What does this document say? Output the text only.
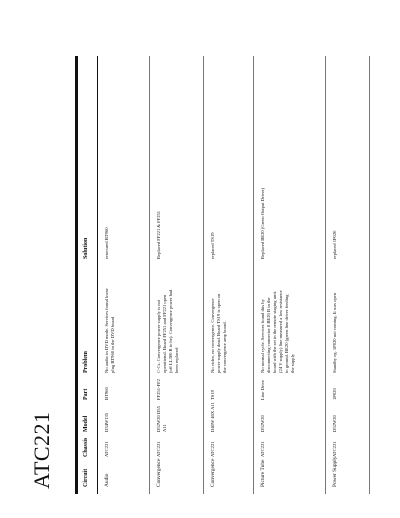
ATC221	Circuit
Chassis
Model
Part
Problem
Solution
Audio
ATC221
D34W135
BT960
No audio in DVD mode. Services found loose plug BT960 in the DVD board
resecured BT960
Convergence
ATC221
D52W20 D55 A11
FF251-FF2
C-Cs. Convergence power supply is not operational. Board FF251 and FF221 open (off LL300 R to be). Convergence power had been replaced
Replaced FF221 & FF251
Convergence
ATC221
D40W 40X A11
TS19
No video, no convergence. Convergence power supply dead. Board TS19 is open on the convergence amp board.
replaced TS19
Picture Tube
ATC221
D52W20
Line Drive
No normal cycle. Services found this by disconnecting connector 8 BE20 B in the board with the set in the remote staging unit. (24 V supply) line measured a low resistance to ground. BE20 (green line driver feeding the supply
Replaced BE20 (Green Output Driver)
Power Supply
ATC221
D52W20
1P020
Standby eg. 1P020 not coming. It was open
replaced 1P020
